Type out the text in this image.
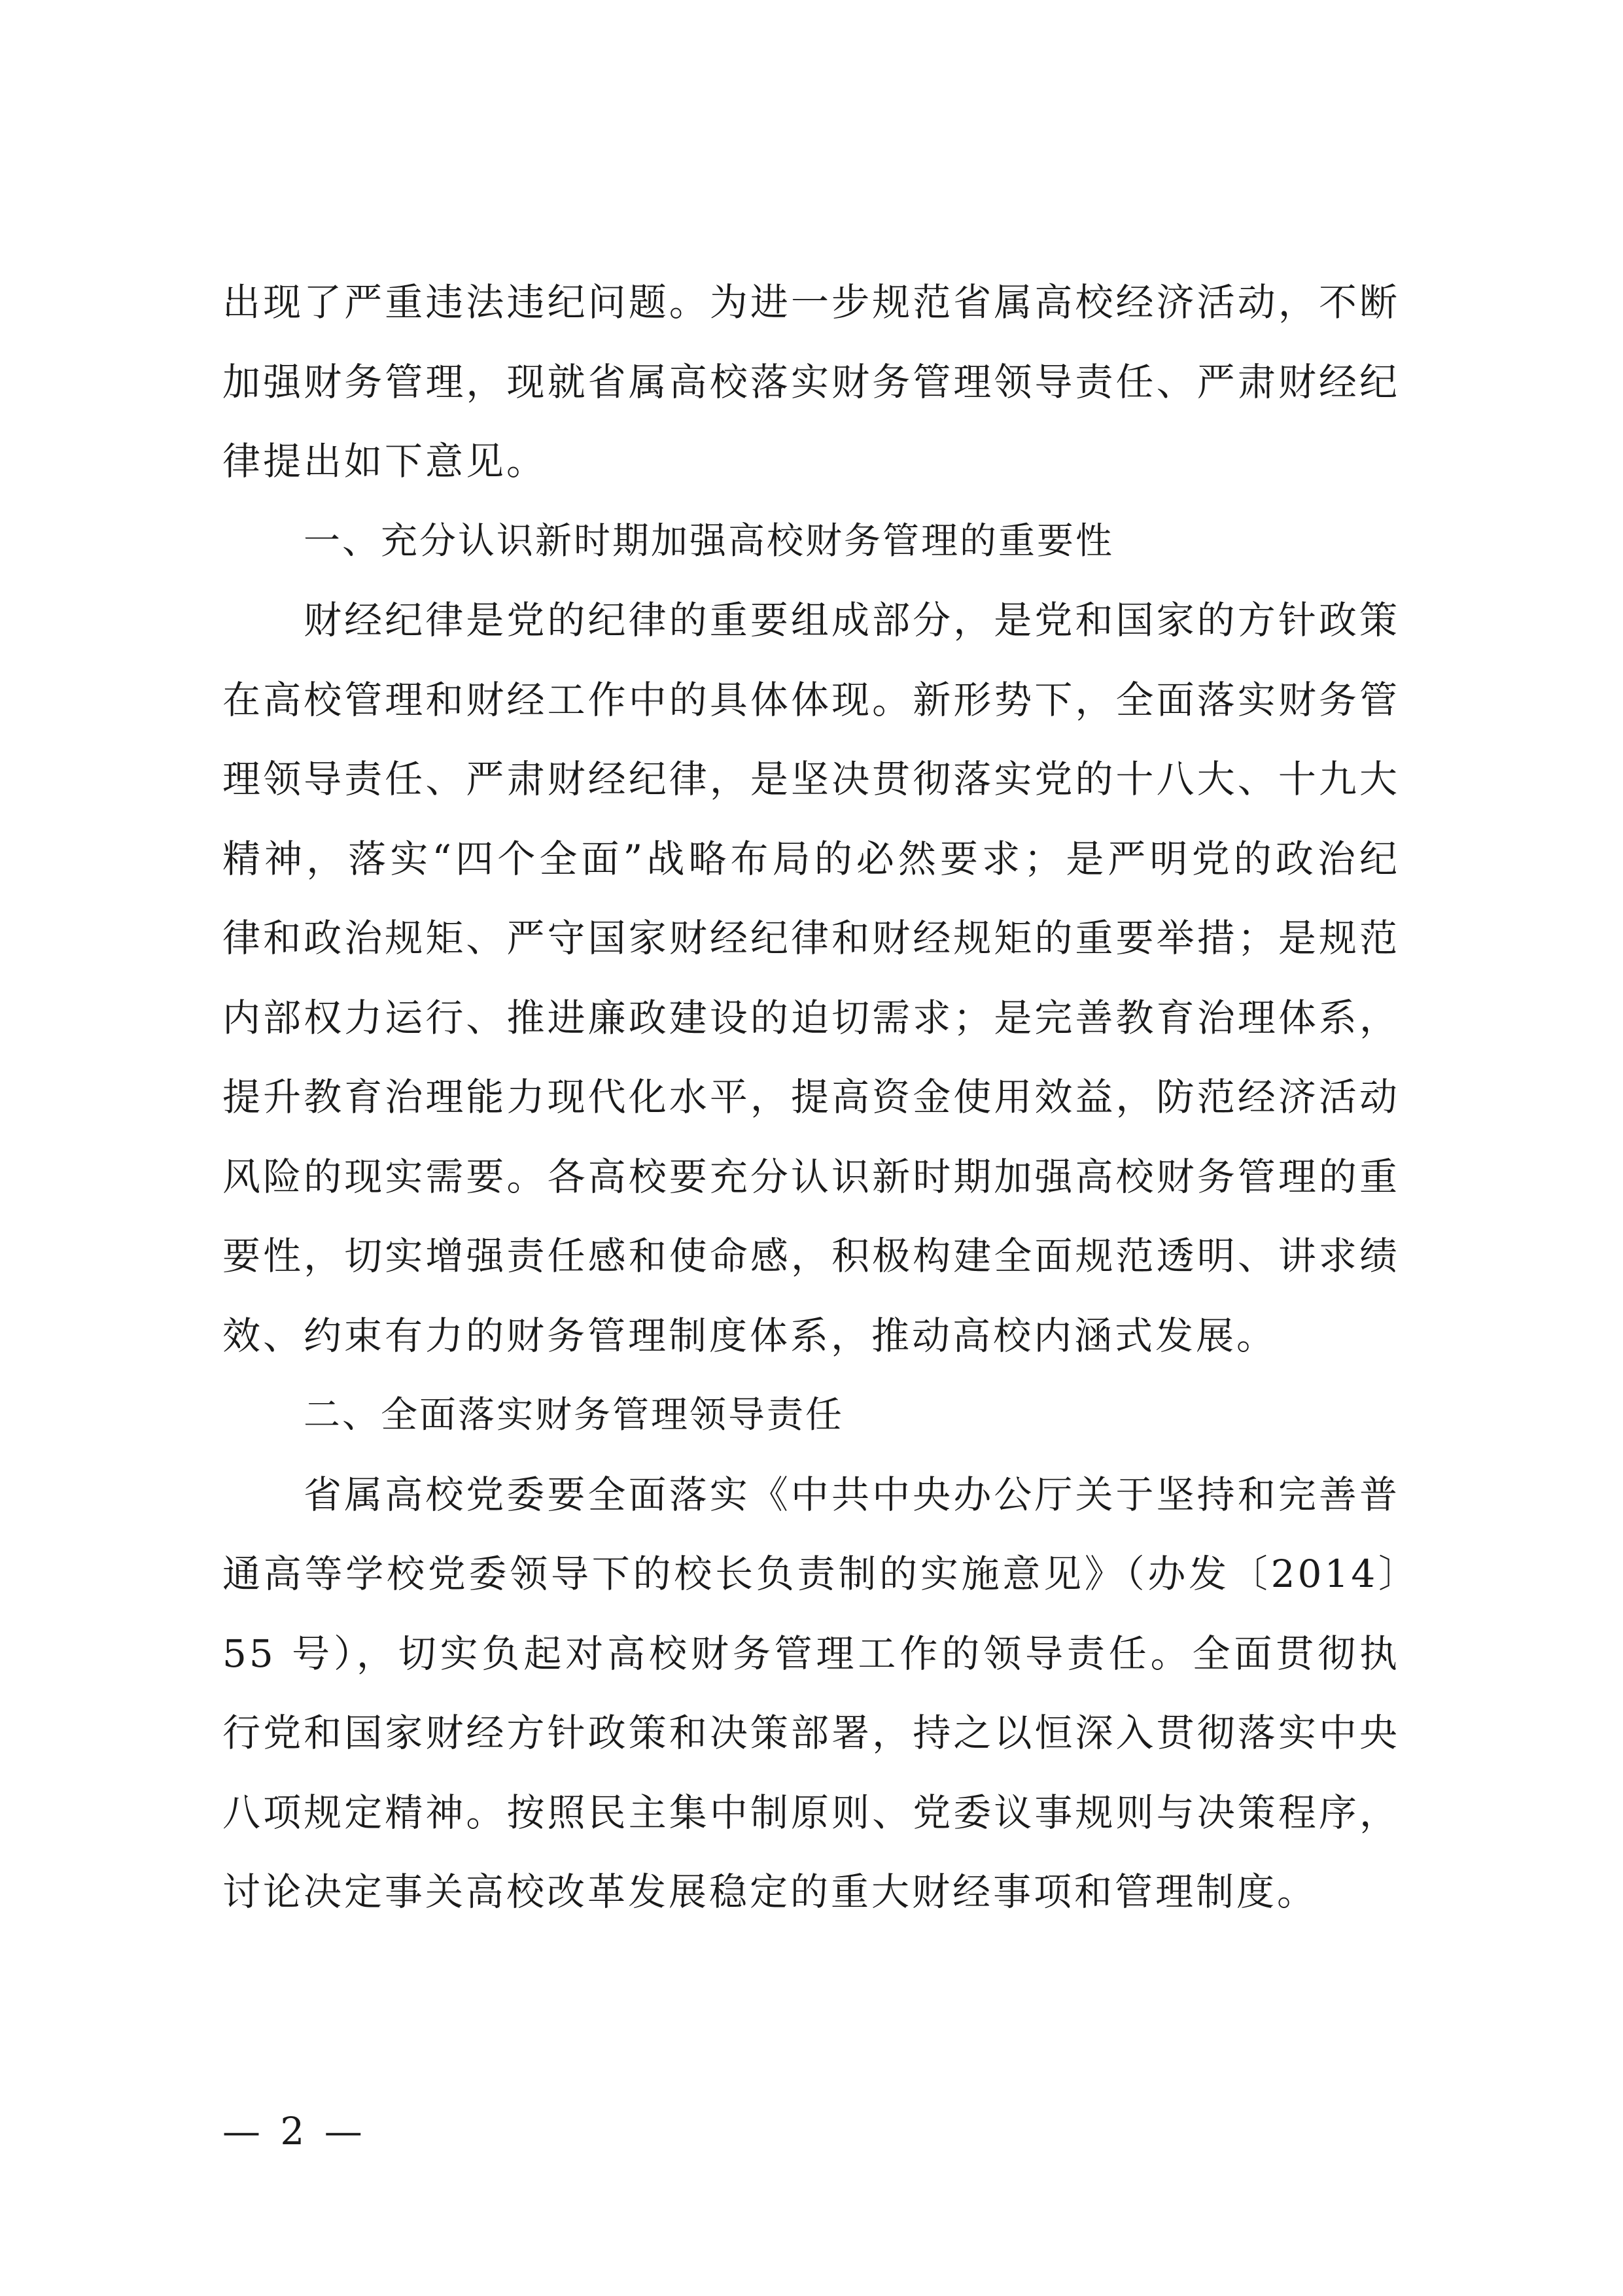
出现了严重违法违纪问题。为进一步规范省属高校经济活动，不断加强财务管理，现就省属高校落实财务管理领导责任、严肃财经纪律提出如下意见。

一、充分认识新时期加强高校财务管理的重要性

财经纪律是党的纪律的重要组成部分，是党和国家的方针政策在高校管理和财经工作中的具体体现。新形势下，全面落实财务管理领导责任、严肃财经纪律，是坚决贯彻落实党的十八大、十九大精神，落实“四个全面”战略布局的必然要求；是严明党的政治纪律和政治规矩、严守国家财经纪律和财经规矩的重要举措；是规范内部权力运行、推进廉政建设的迫切需求；是完善教育治理体系，提升教育治理能力现代化水平，提高资金使用效益，防范经济活动风险的现实需要。各高校要充分认识新时期加强高校财务管理的重要性，切实增强责任感和使命感，积极构建全面规范透明、讲求绩效、约束有力的财务管理制度体系，推动高校内涵式发展。

二、全面落实财务管理领导责任

省属高校党委要全面落实《中共中央办公厅关于坚持和完善普通高等学校党委领导下的校长负责制的实施意见》（办发〔2014〕55 号），切实负起对高校财务管理工作的领导责任。全面贯彻执行党和国家财经方针政策和决策部署，持之以恒深入贯彻落实中央八项规定精神。按照民主集中制原则、党委议事规则与决策程序，讨论决定事关高校改革发展稳定的重大财经事项和管理制度。

— 2 —
